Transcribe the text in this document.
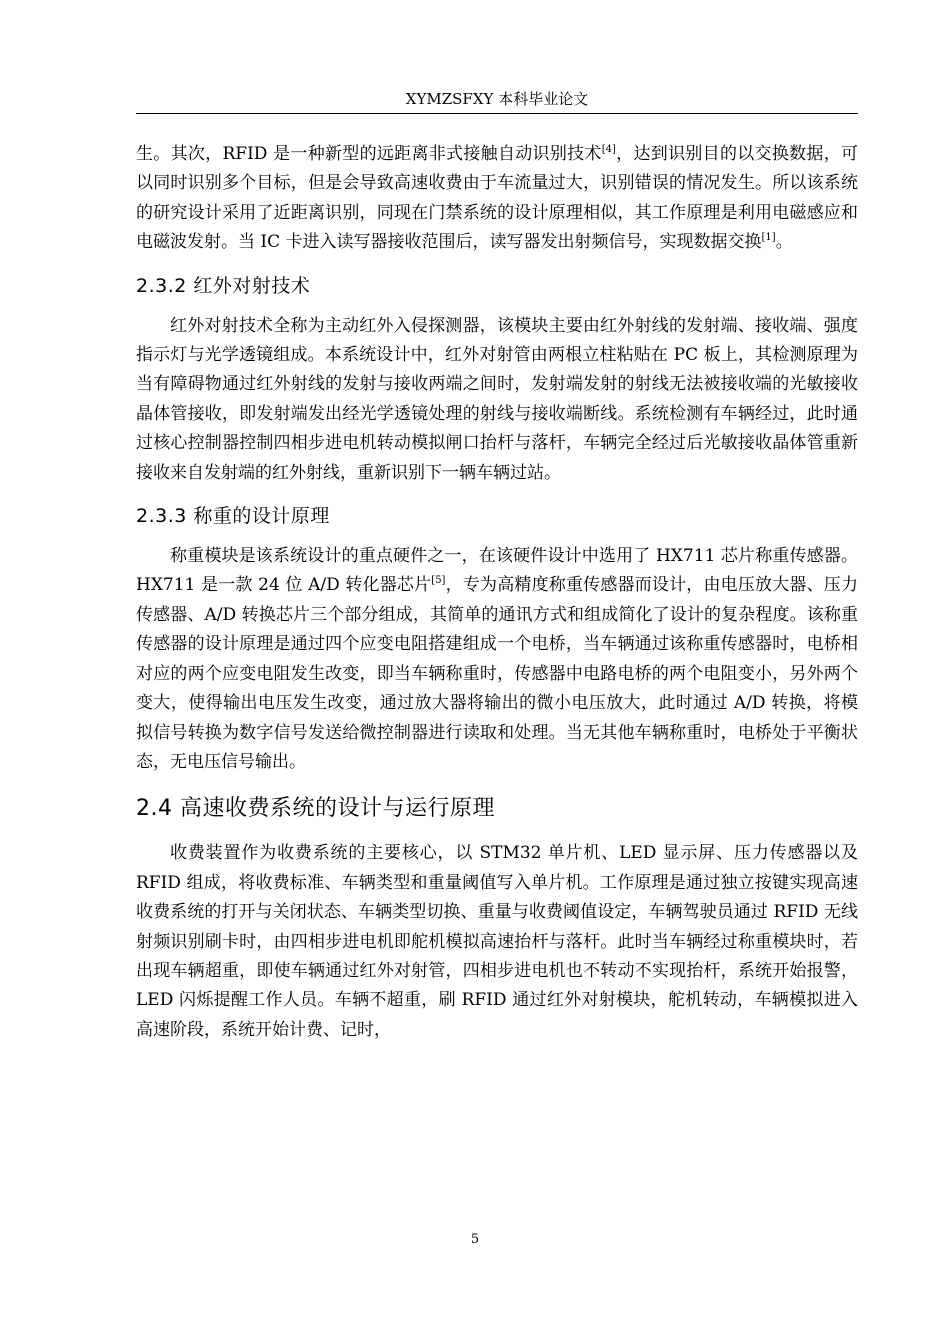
XYMZSFXY 本科毕业论文

生。其次，RFID 是一种新型的远距离非式接触自动识别技术[4]，达到识别目的以交换数据，可以同时识别多个目标，但是会导致高速收费由于车流量过大，识别错误的情况发生。所以该系统的研究设计采用了近距离识别，同现在门禁系统的设计原理相似，其工作原理是利用电磁感应和电磁波发射。当 IC 卡进入读写器接收范围后，读写器发出射频信号，实现数据交换[1]。

2.3.2 红外对射技术

红外对射技术全称为主动红外入侵探测器，该模块主要由红外射线的发射端、接收端、强度指示灯与光学透镜组成。本系统设计中，红外对射管由两根立柱粘贴在 PC 板上，其检测原理为当有障碍物通过红外射线的发射与接收两端之间时，发射端发射的射线无法被接收端的光敏接收晶体管接收，即发射端发出经光学透镜处理的射线与接收端断线。系统检测有车辆经过，此时通过核心控制器控制四相步进电机转动模拟闸口抬杆与落杆，车辆完全经过后光敏接收晶体管重新接收来自发射端的红外射线，重新识别下一辆车辆过站。

2.3.3 称重的设计原理

称重模块是该系统设计的重点硬件之一，在该硬件设计中选用了 HX711 芯片称重传感器。HX711 是一款 24 位 A/D 转化器芯片[5]，专为高精度称重传感器而设计，由电压放大器、压力传感器、A/D 转换芯片三个部分组成，其简单的通讯方式和组成简化了设计的复杂程度。该称重传感器的设计原理是通过四个应变电阻搭建组成一个电桥，当车辆通过该称重传感器时，电桥相对应的两个应变电阻发生改变，即当车辆称重时，传感器中电路电桥的两个电阻变小，另外两个变大，使得输出电压发生改变，通过放大器将输出的微小电压放大，此时通过 A/D 转换，将模拟信号转换为数字信号发送给微控制器进行读取和处理。当无其他车辆称重时，电桥处于平衡状态，无电压信号输出。

2.4 高速收费系统的设计与运行原理

收费装置作为收费系统的主要核心，以 STM32 单片机、LED 显示屏、压力传感器以及 RFID 组成，将收费标准、车辆类型和重量阈值写入单片机。工作原理是通过独立按键实现高速收费系统的打开与关闭状态、车辆类型切换、重量与收费阈值设定，车辆驾驶员通过 RFID 无线射频识别刷卡时，由四相步进电机即舵机模拟高速抬杆与落杆。此时当车辆经过称重模块时，若出现车辆超重，即使车辆通过红外对射管，四相步进电机也不转动不实现抬杆，系统开始报警，LED 闪烁提醒工作人员。车辆不超重，刷 RFID 通过红外对射模块，舵机转动，车辆模拟进入高速阶段，系统开始计费、记时，

5
